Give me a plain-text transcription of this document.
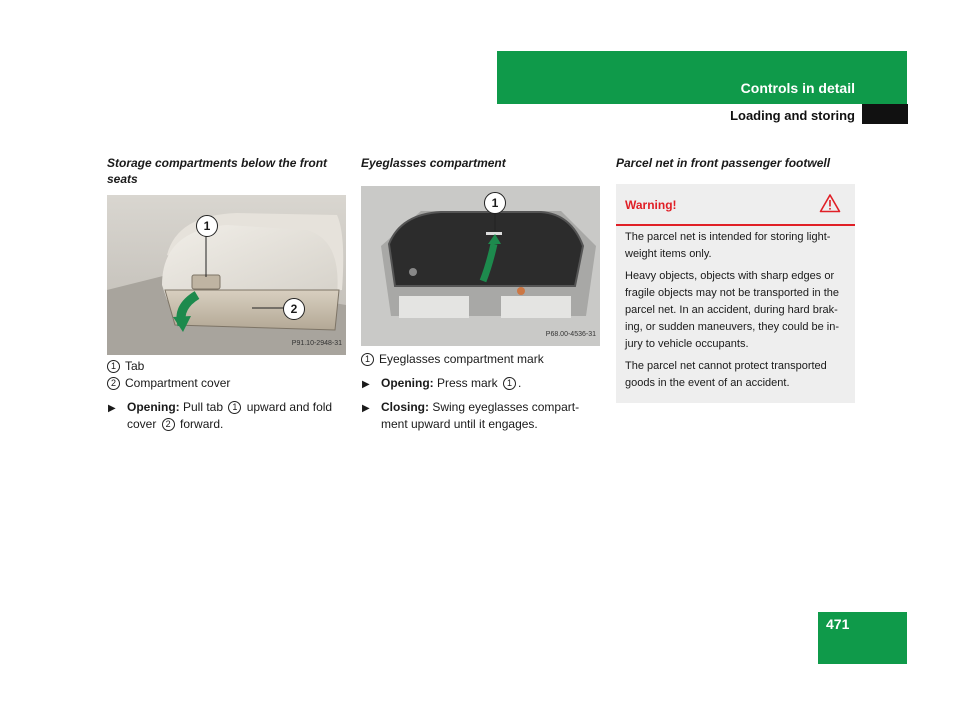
Controls in detail
Loading and storing

Storage compartments below the front seats

1
2
P91.10-2948-31

1 Tab

2 Compartment cover

▶ Opening: Pull tab 1 upward and fold cover 2 forward.

Eyeglasses compartment

1
P68.00-4536-31

1 Eyeglasses compartment mark

▶ Opening: Press mark 1 .
▶ Closing: Swing eyeglasses compart-ment upward until it engages.

Parcel net in front passenger footwell

Warning!

The parcel net is intended for storing light-weight items only.

Heavy objects, objects with sharp edges or fragile objects may not be transported in the parcel net. In an accident, during hard brak-ing, or sudden maneuvers, they could be in-jury to vehicle occupants.

The parcel net cannot protect transported goods in the event of an accident.

471
